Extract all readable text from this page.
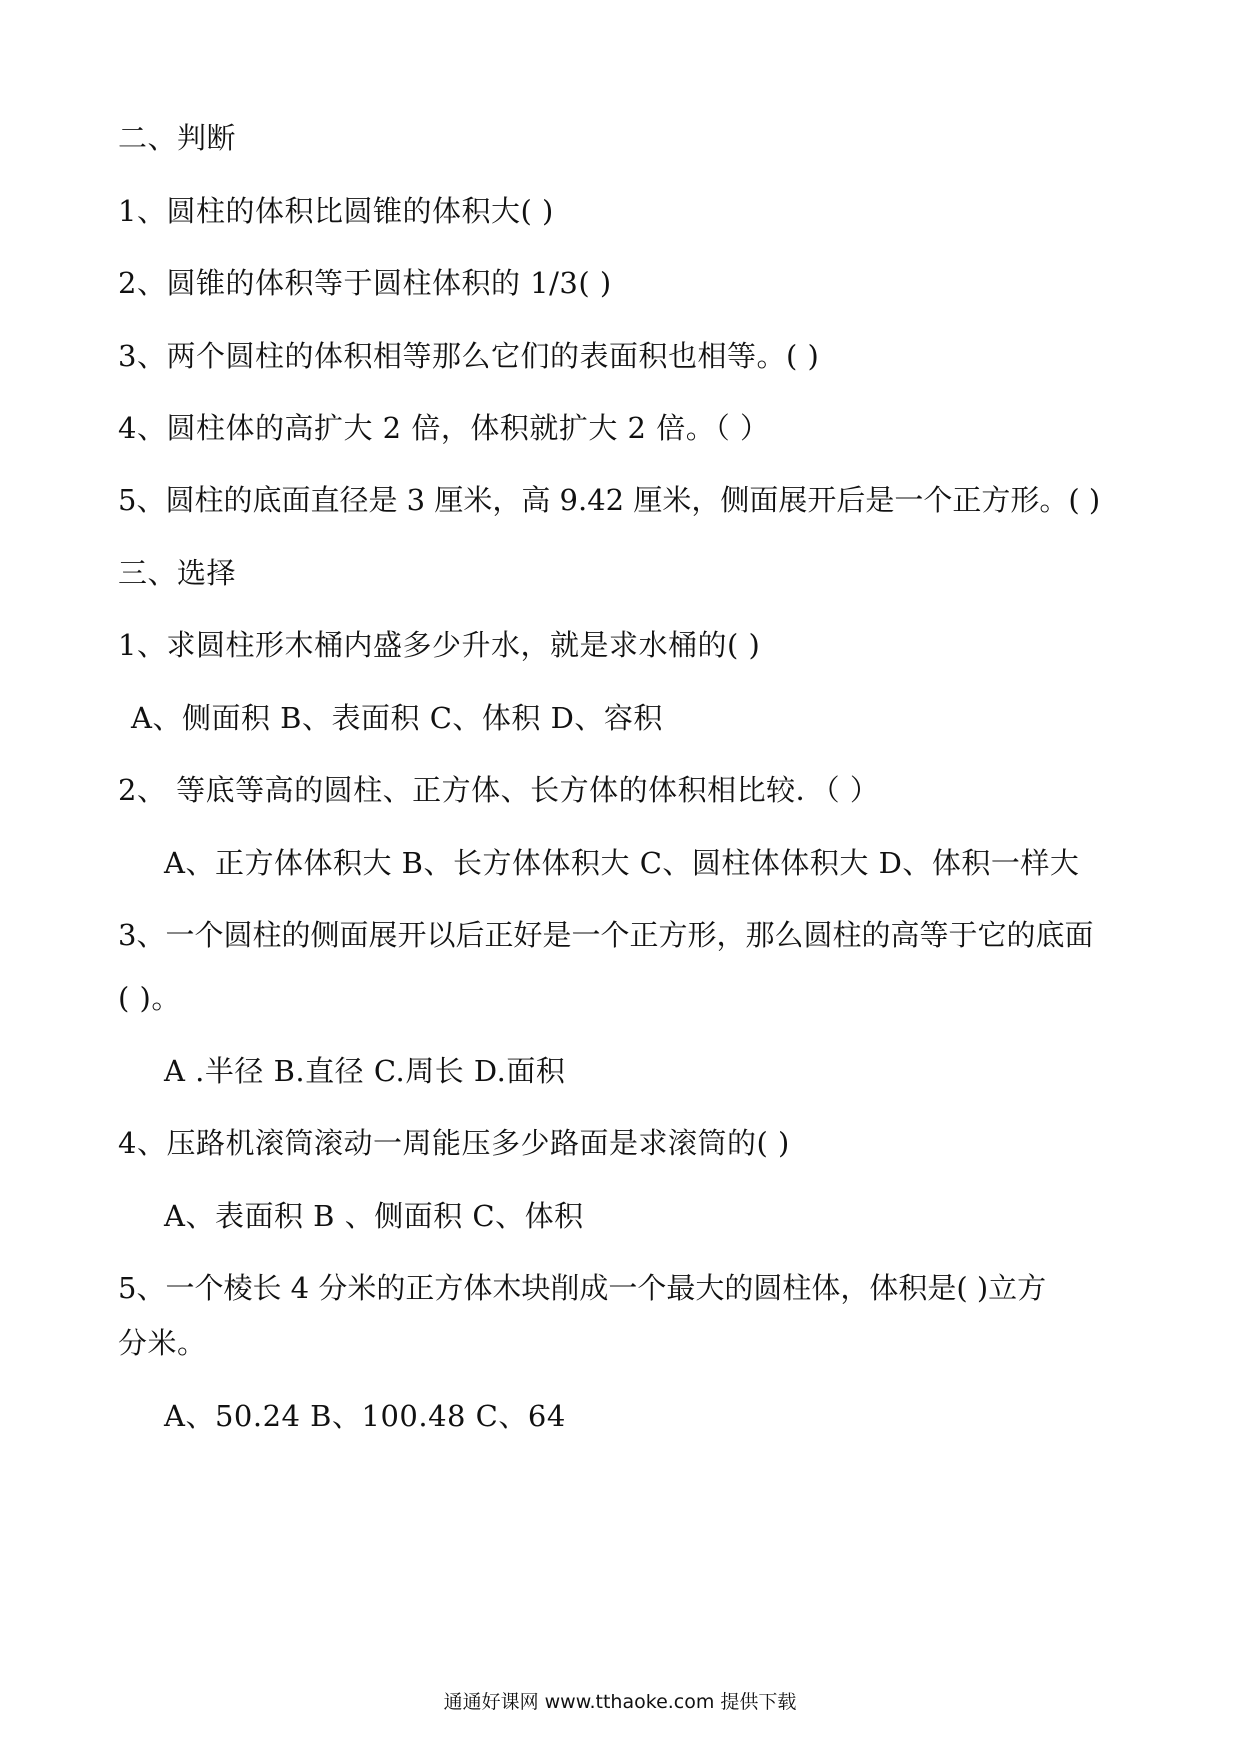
二、判断
1、圆柱的体积比圆锥的体积大( )
2、圆锥的体积等于圆柱体积的 1/3( )
3、两个圆柱的体积相等那么它们的表面积也相等。( )
4、圆柱体的高扩大 2 倍，体积就扩大 2 倍。（ ）
5、圆柱的底面直径是 3 厘米，高 9.42 厘米，侧面展开后是一个正方形。( )
三、选择
1、求圆柱形木桶内盛多少升水，就是求水桶的( )
A、侧面积 B、表面积 C、体积 D、容积
2、 等底等高的圆柱、正方体、长方体的体积相比较．（ ）
A、正方体体积大 B、长方体体积大 C、圆柱体体积大 D、体积一样大
3、一个圆柱的侧面展开以后正好是一个正方形，那么圆柱的高等于它的底面
( )。
A .半径 B.直径 C.周长 D.面积
4、压路机滚筒滚动一周能压多少路面是求滚筒的( )
A、表面积 B 、侧面积 C、体积
5、一个棱长 4 分米的正方体木块削成一个最大的圆柱体，体积是( )立方
分米。
A、50.24 B、100.48 C、64
通通好课网 www.tthaoke.com 提供下载
